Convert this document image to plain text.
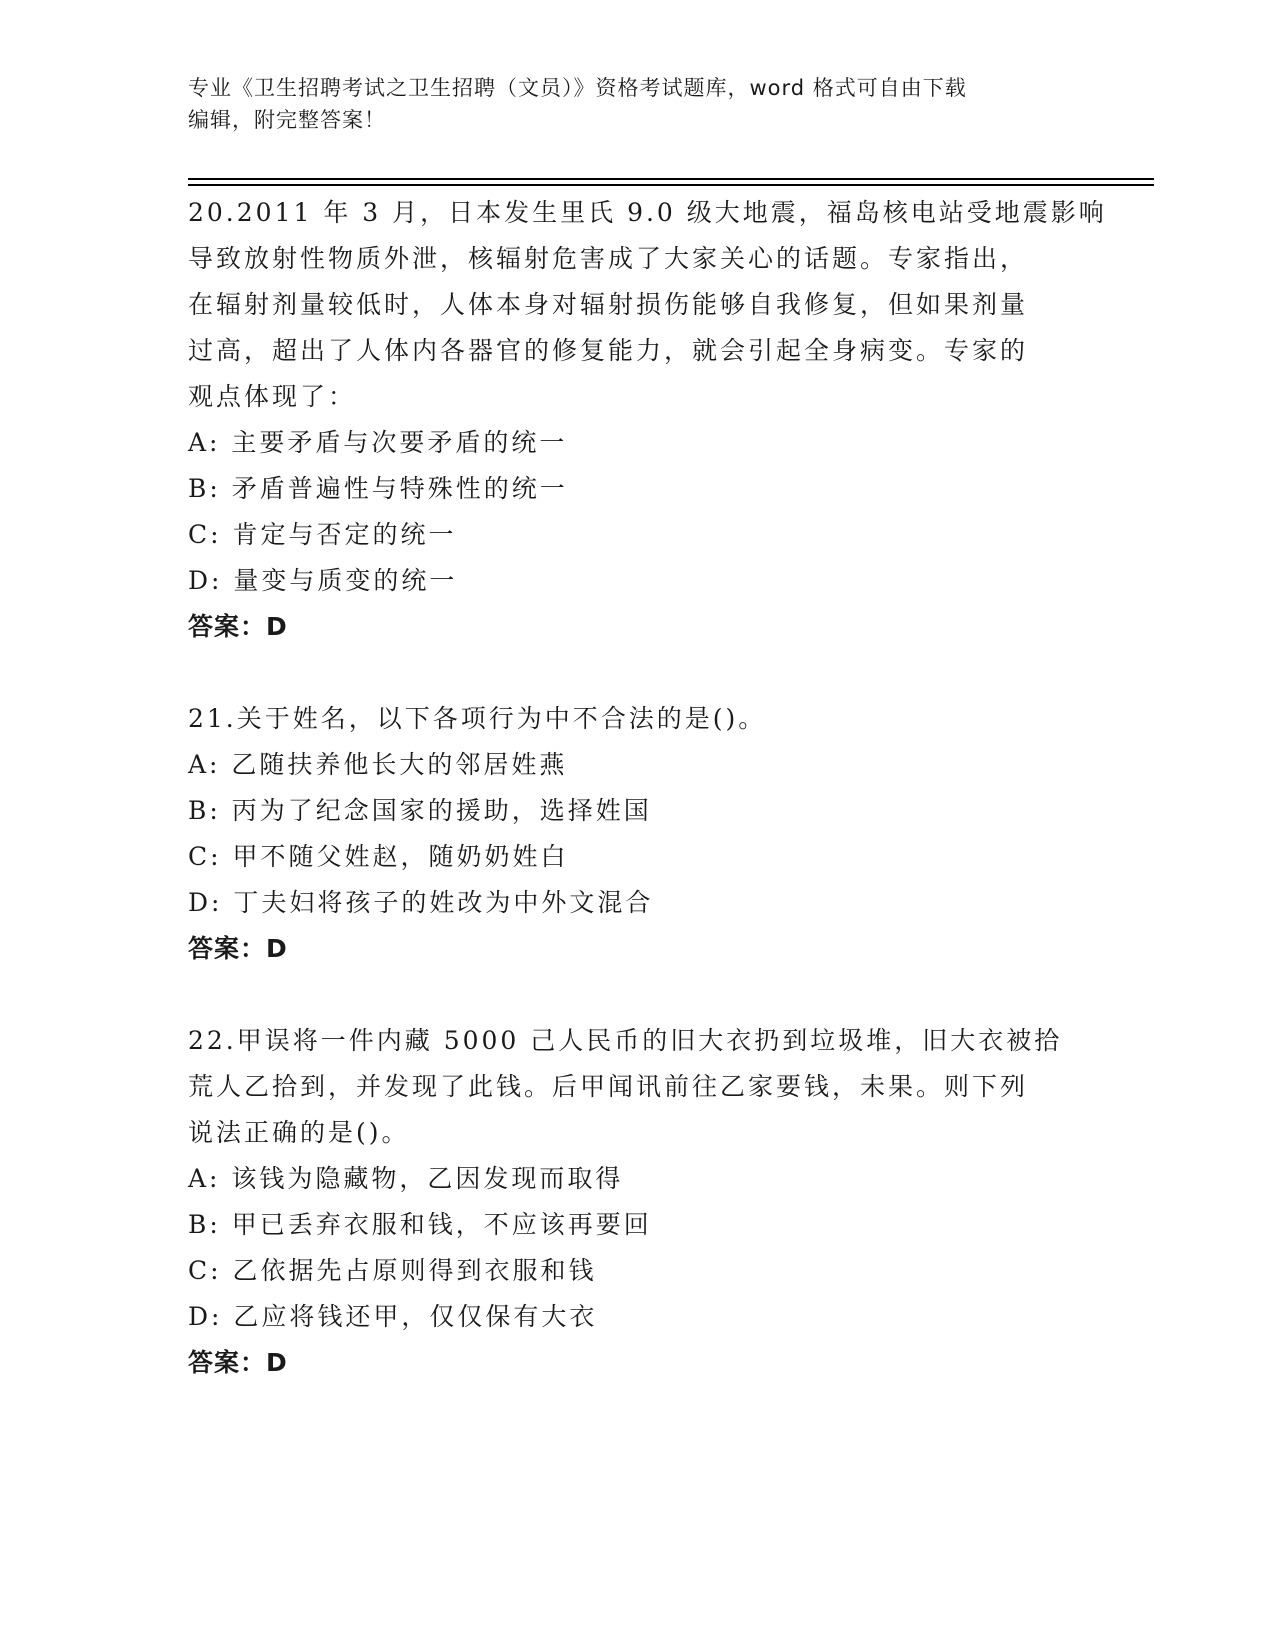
专业《卫生招聘考试之卫生招聘（文员）》资格考试题库，word 格式可自由下载
编辑，附完整答案！
20.2011 年 3 月，日本发生里氏 9.0 级大地震，福岛核电站受地震影响
导致放射性物质外泄，核辐射危害成了大家关心的话题。专家指出，
在辐射剂量较低时，人体本身对辐射损伤能够自我修复，但如果剂量
过高，超出了人体内各器官的修复能力，就会引起全身病变。专家的
观点体现了：
A: 主要矛盾与次要矛盾的统一
B: 矛盾普遍性与特殊性的统一
C: 肯定与否定的统一
D: 量变与质变的统一
答案：D
21.关于姓名，以下各项行为中不合法的是()。
A: 乙随扶养他长大的邻居姓燕
B: 丙为了纪念国家的援助，选择姓国
C: 甲不随父姓赵，随奶奶姓白
D: 丁夫妇将孩子的姓改为中外文混合
答案：D
22.甲误将一件内藏 5000 己人民币的旧大衣扔到垃圾堆，旧大衣被拾
荒人乙拾到，并发现了此钱。后甲闻讯前往乙家要钱，未果。则下列
说法正确的是()。
A: 该钱为隐藏物，乙因发现而取得
B: 甲已丢弃衣服和钱，不应该再要回
C: 乙依据先占原则得到衣服和钱
D: 乙应将钱还甲，仅仅保有大衣
答案：D
